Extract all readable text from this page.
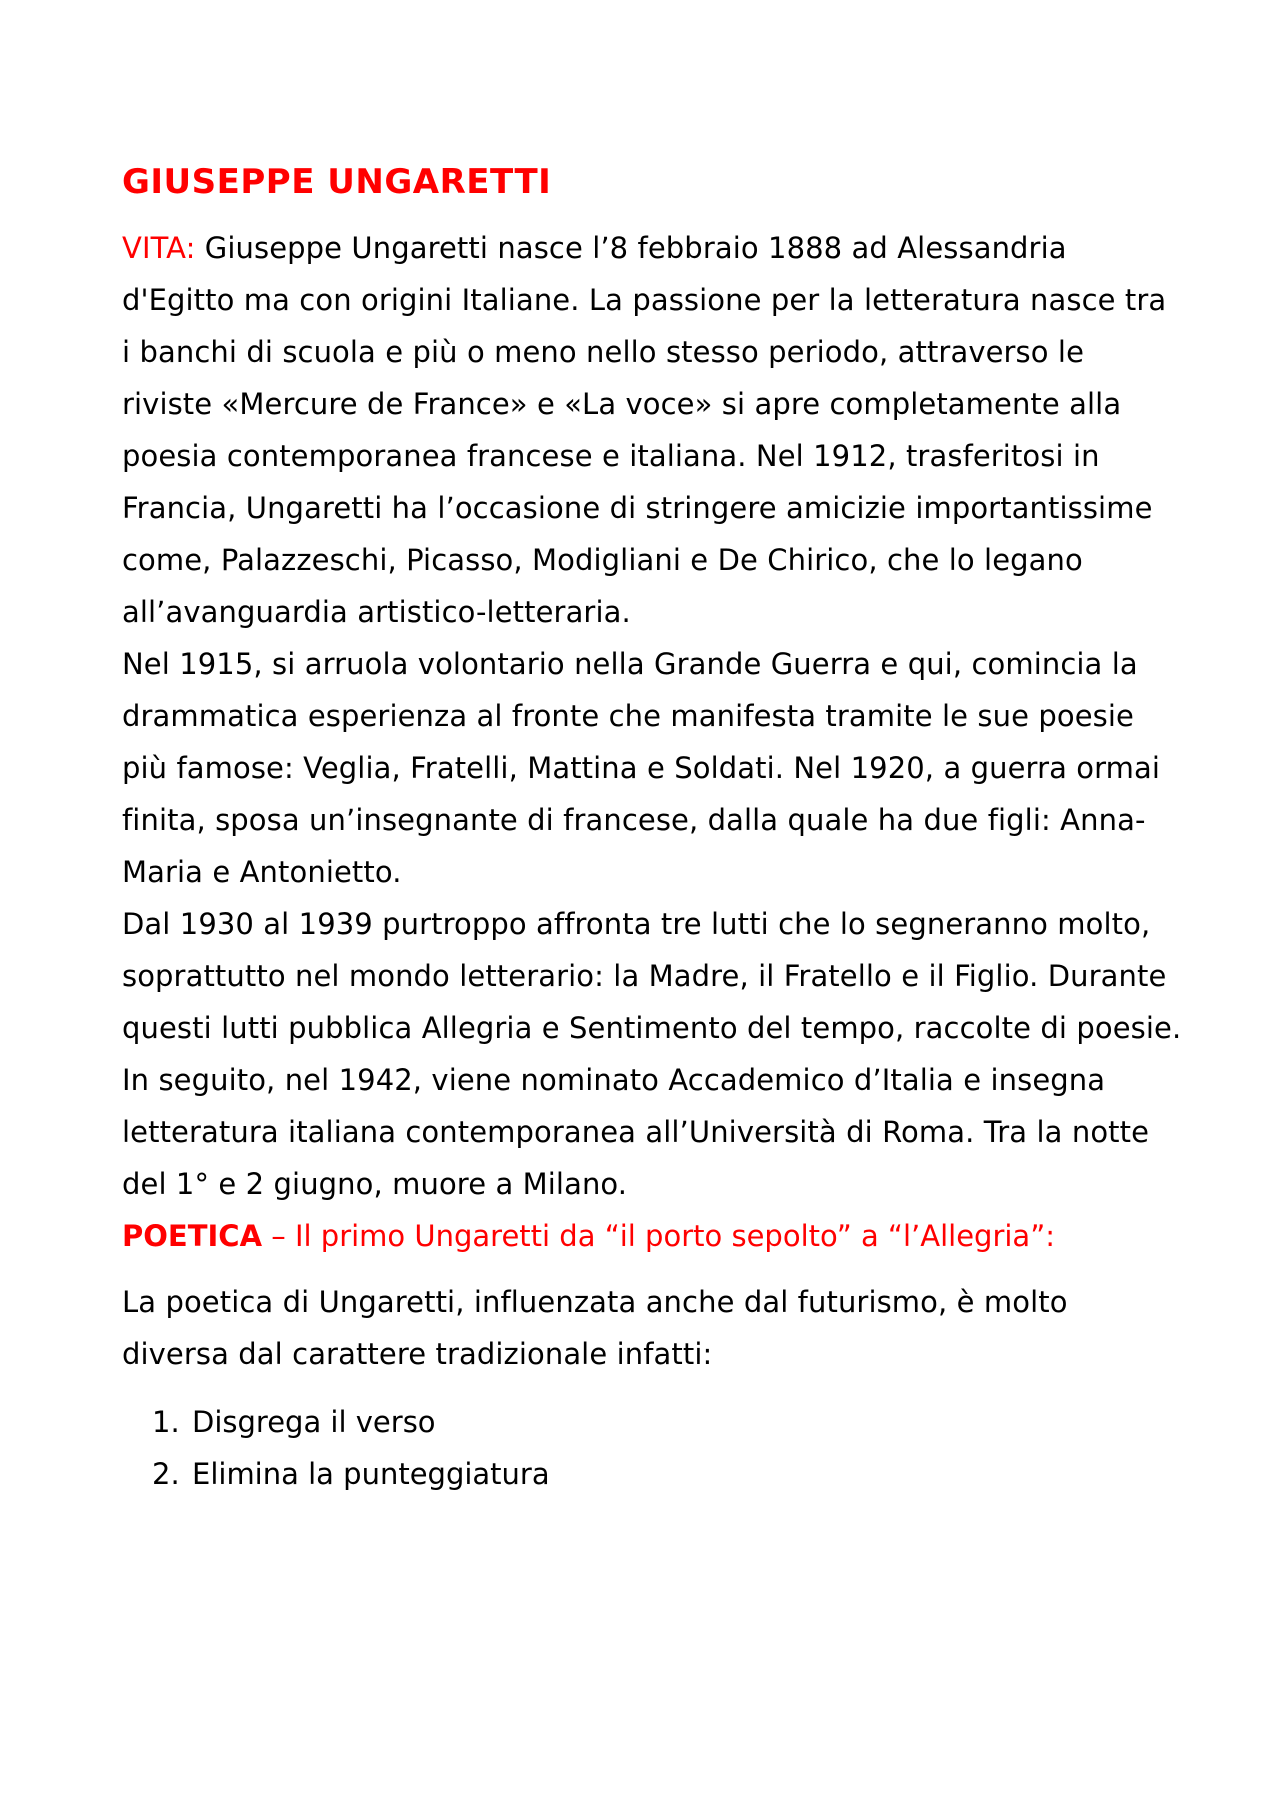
GIUSEPPE UNGARETTI

VITA: Giuseppe Ungaretti nasce l’8 febbraio 1888 ad Alessandria d'Egitto ma con origini Italiane. La passione per la letteratura nasce tra i banchi di scuola e più o meno nello stesso periodo, attraverso le riviste «Mercure de France» e «La voce» si apre completamente alla poesia contemporanea francese e italiana. Nel 1912, trasferitosi in Francia, Ungaretti ha l’occasione di stringere amicizie importantissime come, Palazzeschi, Picasso, Modigliani e De Chirico, che lo legano all’avanguardia artistico-letteraria.

Nel 1915, si arruola volontario nella Grande Guerra e qui, comincia la drammatica esperienza al fronte che manifesta tramite le sue poesie più famose: Veglia, Fratelli, Mattina e Soldati. Nel 1920, a guerra ormai finita, sposa un’insegnante di francese, dalla quale ha due figli: Anna-Maria e Antonietto.

Dal 1930 al 1939 purtroppo affronta tre lutti che lo segneranno molto, soprattutto nel mondo letterario: la Madre, il Fratello e il Figlio. Durante questi lutti pubblica Allegria e Sentimento del tempo, raccolte di poesie.

In seguito, nel 1942, viene nominato Accademico d’Italia e insegna letteratura italiana contemporanea all’Università di Roma. Tra la notte del 1° e 2 giugno, muore a Milano.

POETICA – Il primo Ungaretti da “il porto sepolto” a “l’Allegria”:

La poetica di Ungaretti, influenzata anche dal futurismo, è molto diversa dal carattere tradizionale infatti:

1. Disgrega il verso
2. Elimina la punteggiatura
